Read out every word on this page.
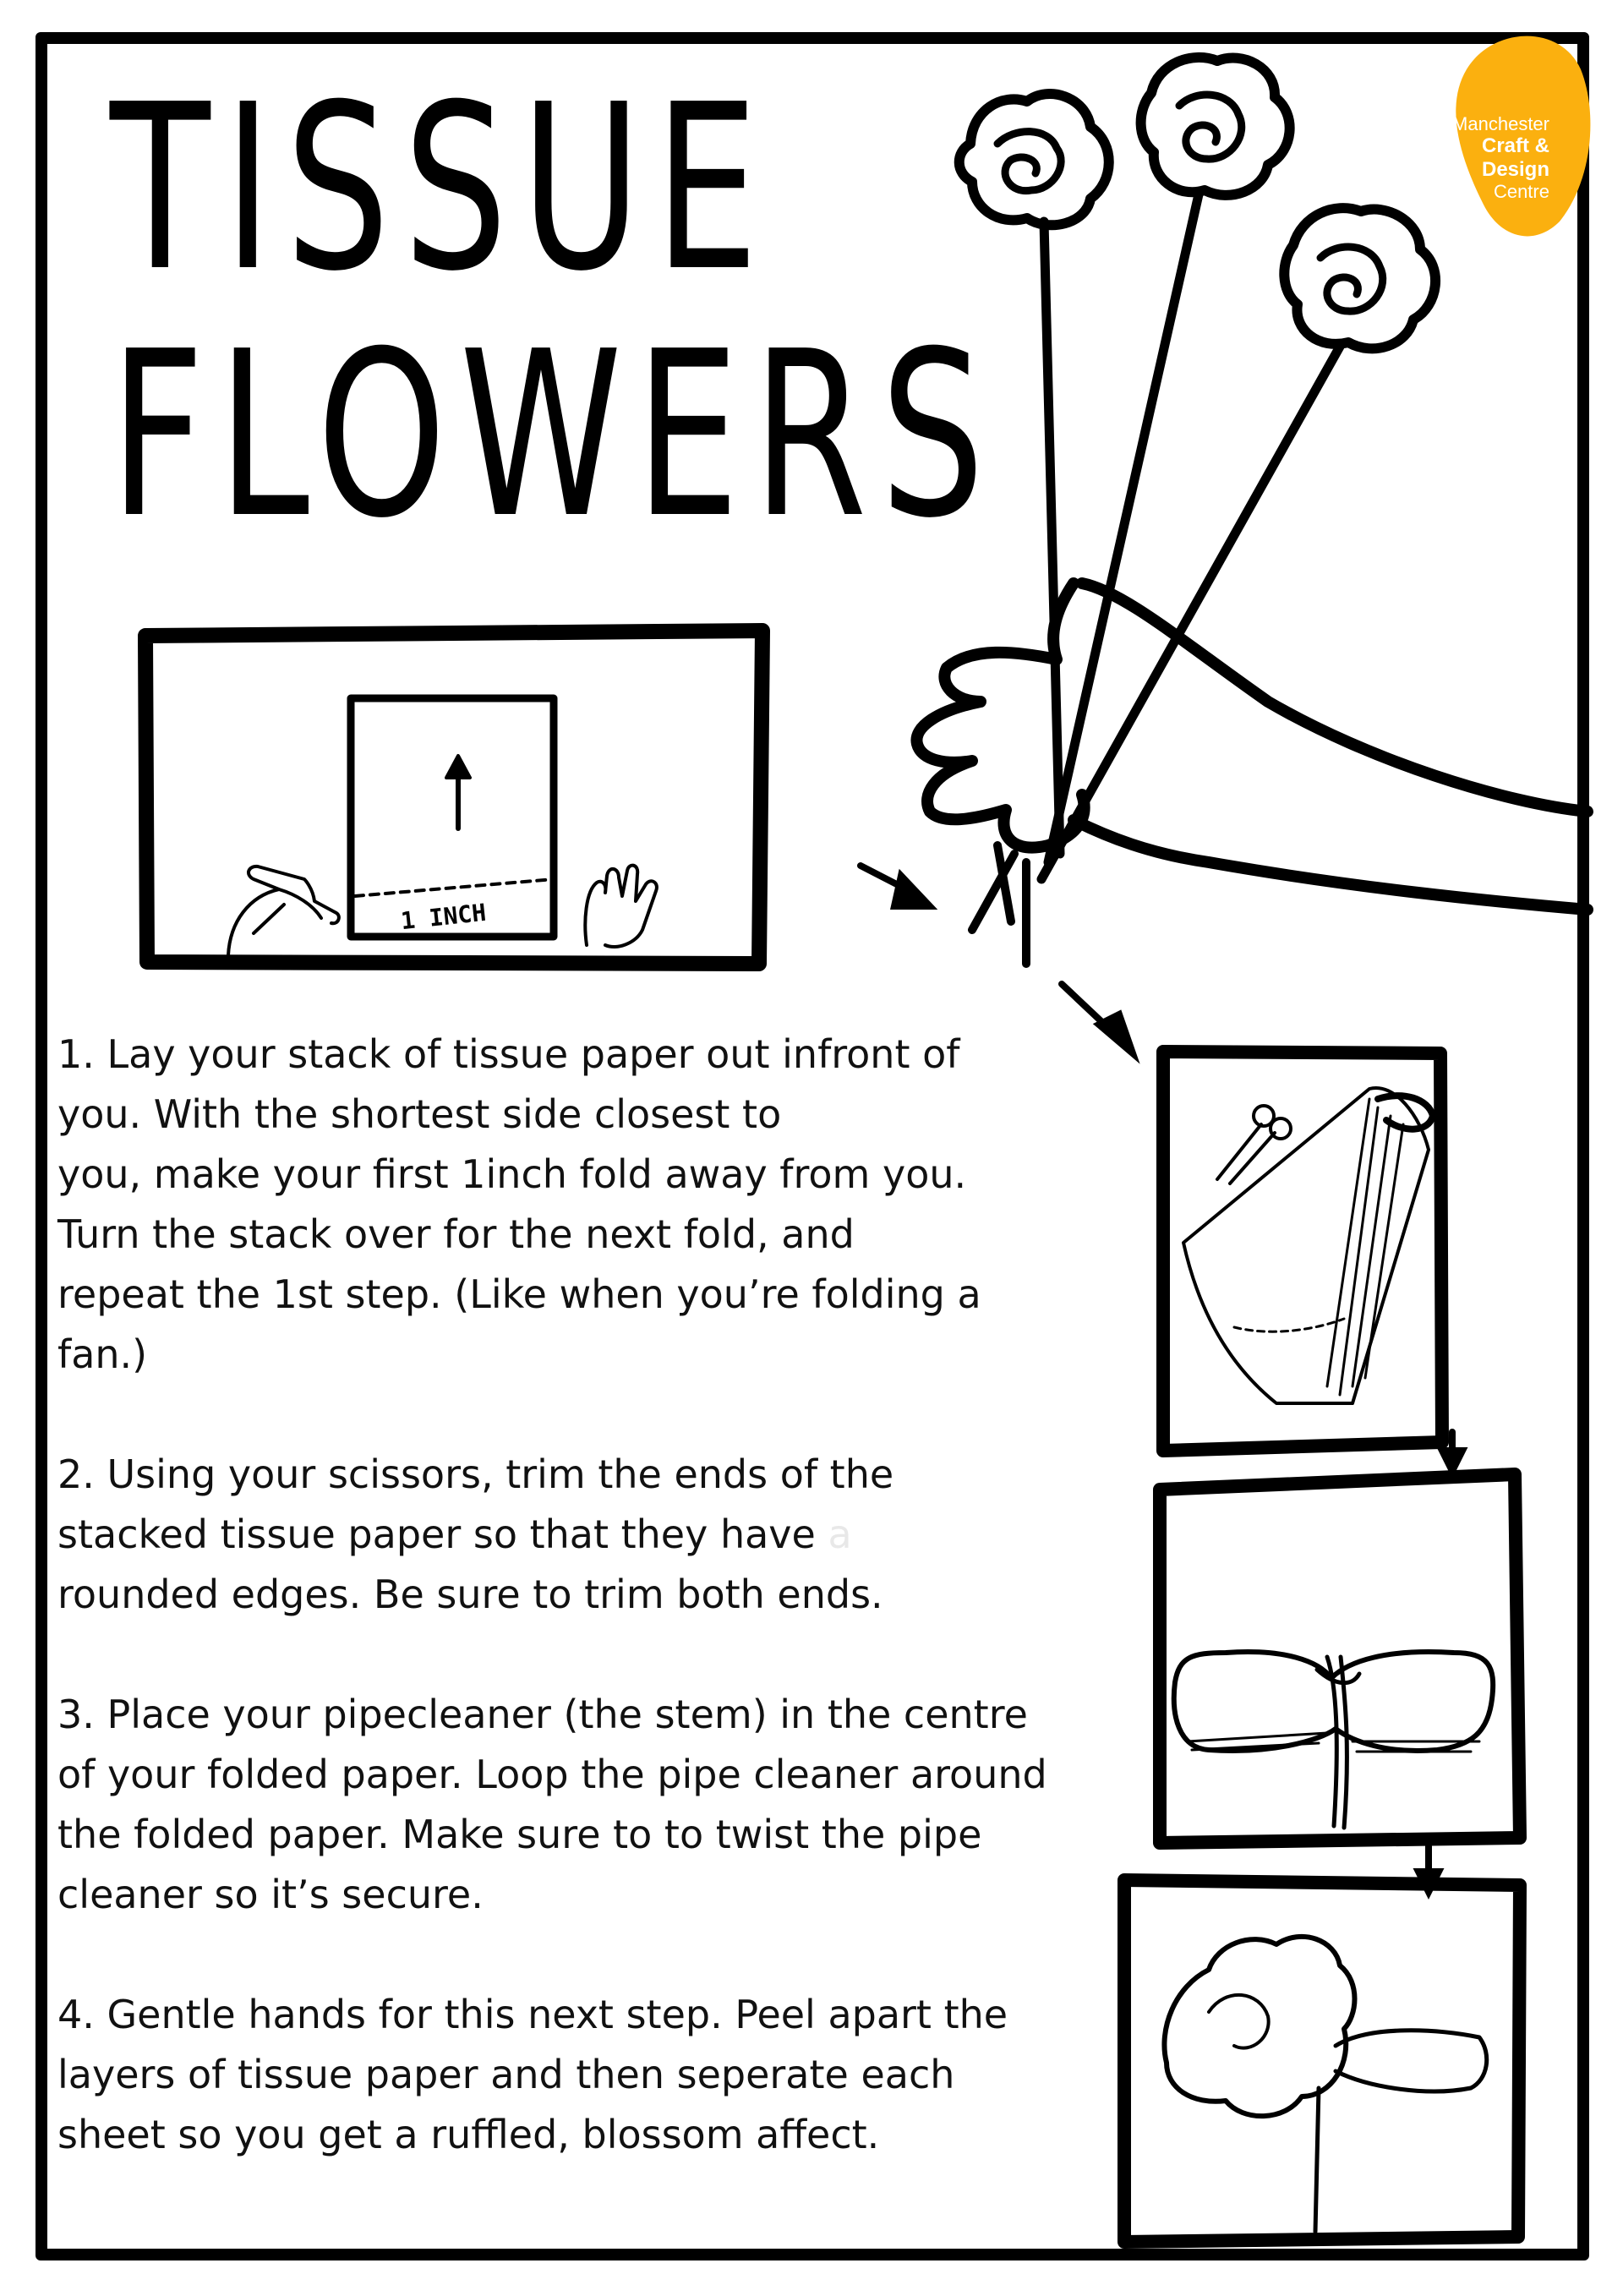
TISSUE
FLOWERS
1 INCH
Manchester
Craft & Design
Centre

1. Lay your stack of tissue paper out infront of

you. With the shortest side closest to

you, make your first 1inch fold away from you.

Turn the stack over for the next fold, and

repeat the 1st step. (Like when you’re folding a

fan.)

2. Using your scissors, trim the ends of the

stacked tissue paper so that they have a

rounded edges. Be sure to trim both ends.

3. Place your pipecleaner (the stem) in the centre

of your folded paper. Loop the pipe cleaner around

the folded paper. Make sure to to twist the pipe

cleaner so it’s secure.

4. Gentle hands for this next step. Peel apart the

layers of tissue paper and then seperate each

sheet so you get a ruffled, blossom affect.
